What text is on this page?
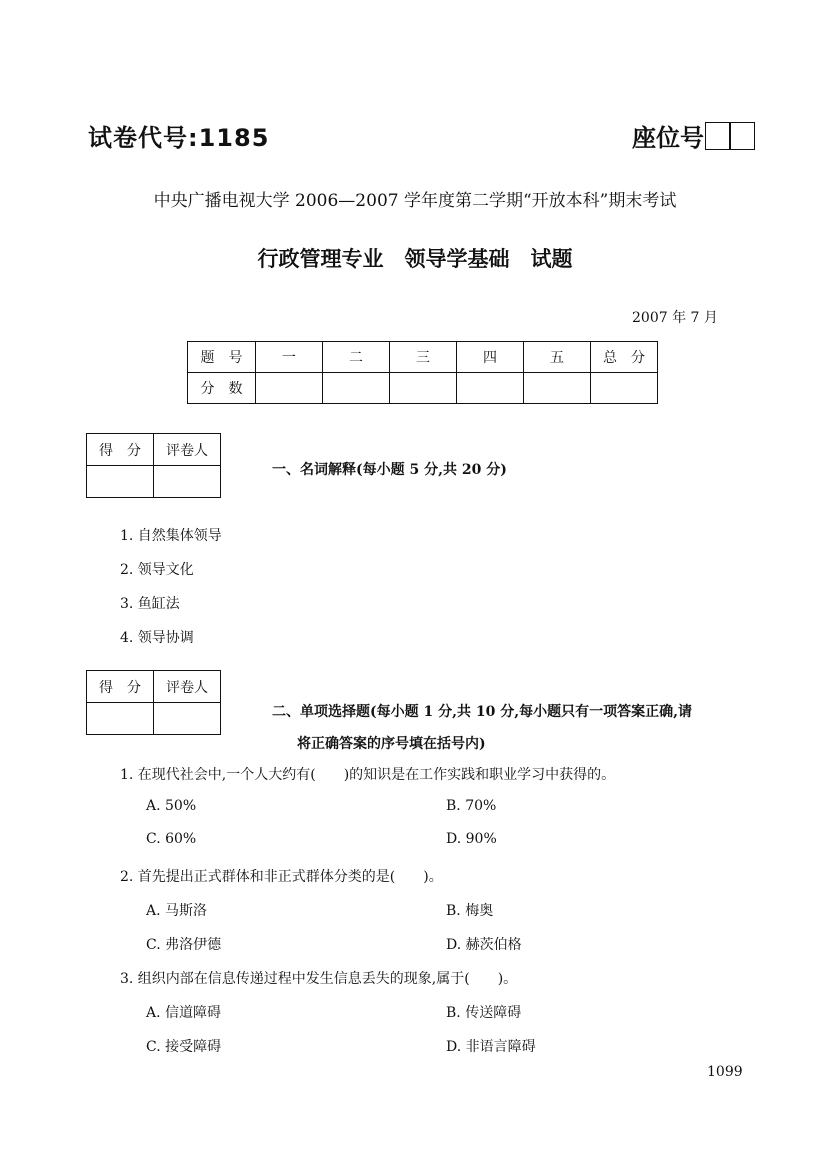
试卷代号:1185	座位号
中央广播电视大学 2006—2007 学年度第二学期“开放本科”期末考试
行政管理专业　领导学基础　试题
2007 年 7 月
题　号	一	二	三	四	五	总　分
分　数						
得　分	评卷人

一、名词解释(每小题 5 分,共 20 分)
1. 自然集体领导
2. 领导文化
3. 鱼缸法
4. 领导协调
得　分	评卷人

二、单项选择题(每小题 1 分,共 10 分,每小题只有一项答案正确,请
将正确答案的序号填在括号内)
1. 在现代社会中,一个人大约有(　　)的知识是在工作实践和职业学习中获得的。
A. 50%	B. 70%
C. 60%	D. 90%
2. 首先提出正式群体和非正式群体分类的是(　　)。
A. 马斯洛	B. 梅奥
C. 弗洛伊德	D. 赫茨伯格
3. 组织内部在信息传递过程中发生信息丢失的现象,属于(　　)。
A. 信道障碍	B. 传送障碍
C. 接受障碍	D. 非语言障碍
1099
